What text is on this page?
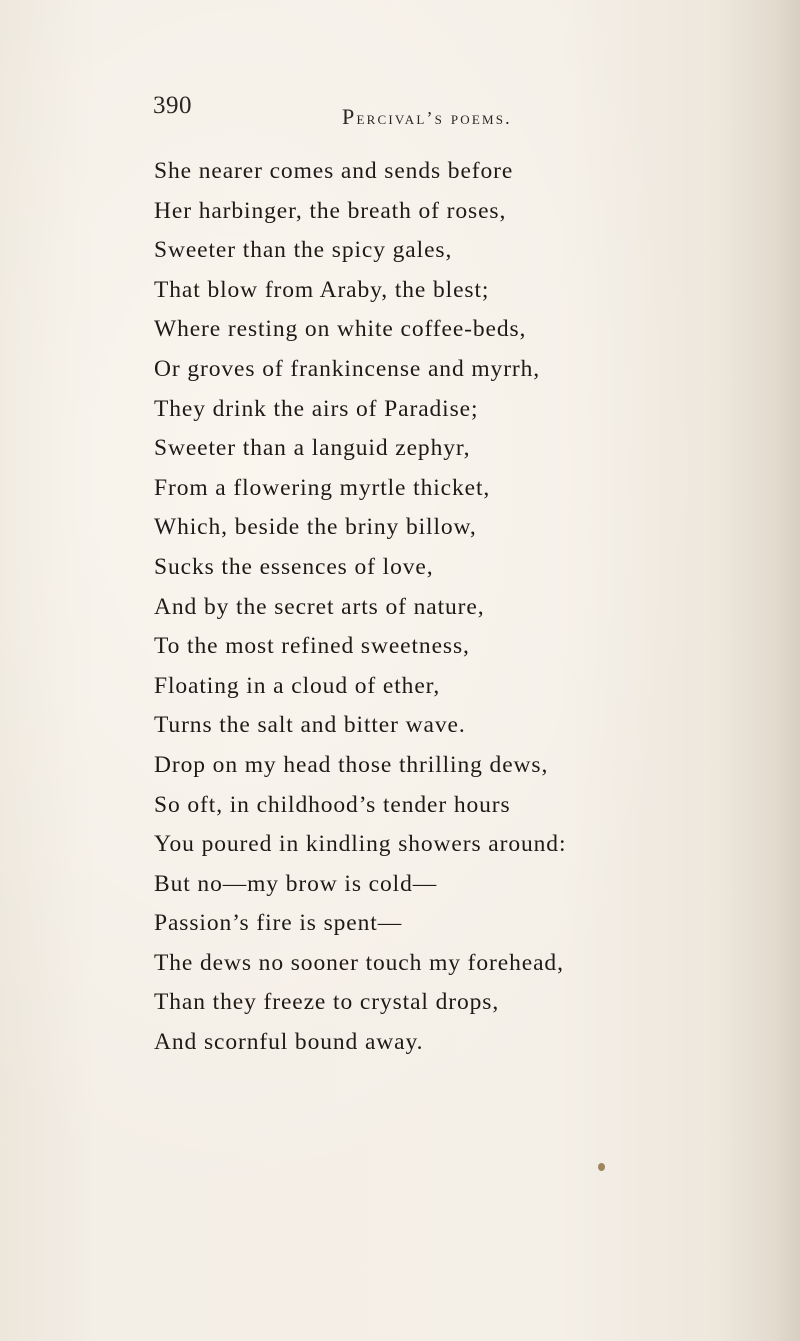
390	Percival’s poems.
She nearer comes and sends before
Her harbinger, the breath of roses,
Sweeter than the spicy gales,
That blow from Araby, the blest;
Where resting on white coffee-beds,
Or groves of frankincense and myrrh,
They drink the airs of Paradise;
Sweeter than a languid zephyr,
From a flowering myrtle thicket,
Which, beside the briny billow,
Sucks the essences of love,
And by the secret arts of nature,
To the most refined sweetness,
Floating in a cloud of ether,
Turns the salt and bitter wave.
Drop on my head those thrilling dews,
So oft, in childhood’s tender hours
You poured in kindling showers around:
But no—my brow is cold—
Passion’s fire is spent—
The dews no sooner touch my forehead,
Than they freeze to crystal drops,
And scornful bound away.
